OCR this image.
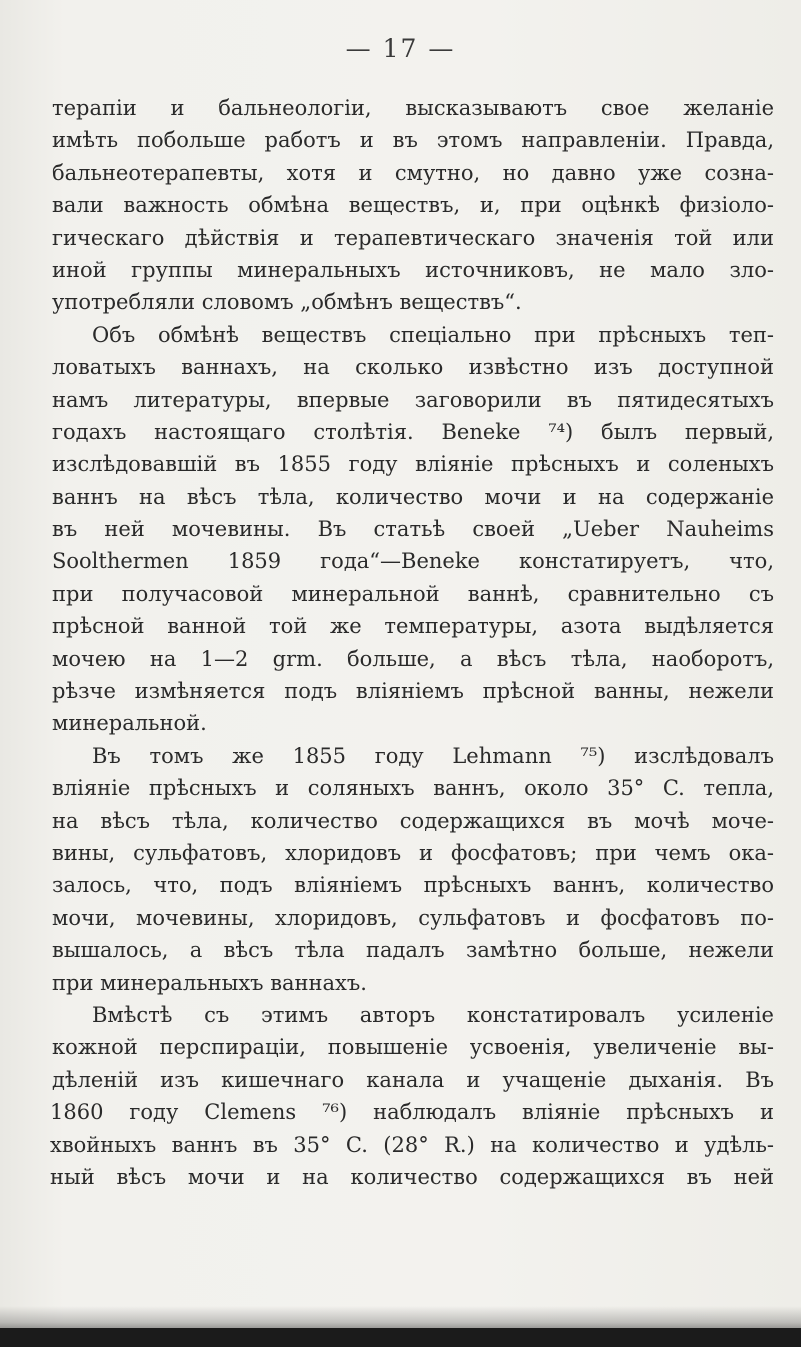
— 17 —
терапіи и бальнеологіи, высказываютъ свое желаніе
имѣть побольше работъ и въ этомъ направленіи. Правда,
бальнеотерапевты, хотя и смутно, но давно уже созна-
вали важность обмѣна веществъ, и, при оцѣнкѣ физіоло-
гическаго дѣйствія и терапевтическаго значенія той или
иной группы минеральныхъ источниковъ, не мало зло-
употребляли словомъ „обмѣнъ веществъ“.
Объ обмѣнѣ веществъ спеціально при прѣсныхъ теп-
ловатыхъ ваннахъ, на сколько извѣстно изъ доступной
намъ литературы, впервые заговорили въ пятидесятыхъ
годахъ настоящаго столѣтія. Beneke ⁷⁴) былъ первый,
изслѣдовавшій въ 1855 году вліяніе прѣсныхъ и соленыхъ
ваннъ на вѣсъ тѣла, количество мочи и на содержаніе
въ ней мочевины. Въ статьѣ своей „Ueber Nauheims
Soolthermen 1859 года“—Beneke констатируетъ, что,
при получасовой минеральной ваннѣ, сравнительно съ
прѣсной ванной той же температуры, азота выдѣляется
мочею на 1—2 grm. больше, а вѣсъ тѣла, наоборотъ,
рѣзче измѣняется подъ вліяніемъ прѣсной ванны, нежели
минеральной.
Въ томъ же 1855 году Lehmann ⁷⁵) изслѣдовалъ
вліяніе прѣсныхъ и соляныхъ ваннъ, около 35° C. тепла,
на вѣсъ тѣла, количество содержащихся въ мочѣ моче-
вины, сульфатовъ, хлоридовъ и фосфатовъ; при чемъ ока-
залось, что, подъ вліяніемъ прѣсныхъ ваннъ, количество
мочи, мочевины, хлоридовъ, сульфатовъ и фосфатовъ по-
вышалось, а вѣсъ тѣла падалъ замѣтно больше, нежели
при минеральныхъ ваннахъ.
Вмѣстѣ съ этимъ авторъ констатировалъ усиленіе
кожной перспираціи, повышеніе усвоенія, увеличеніе вы-
дѣленій изъ кишечнаго канала и учащеніе дыханія. Въ
1860 году Clemens ⁷⁶) наблюдалъ вліяніе прѣсныхъ и
хвойныхъ ваннъ въ 35° C. (28° R.) на количество и удѣль-
ный вѣсъ мочи и на количество содержащихся въ ней
